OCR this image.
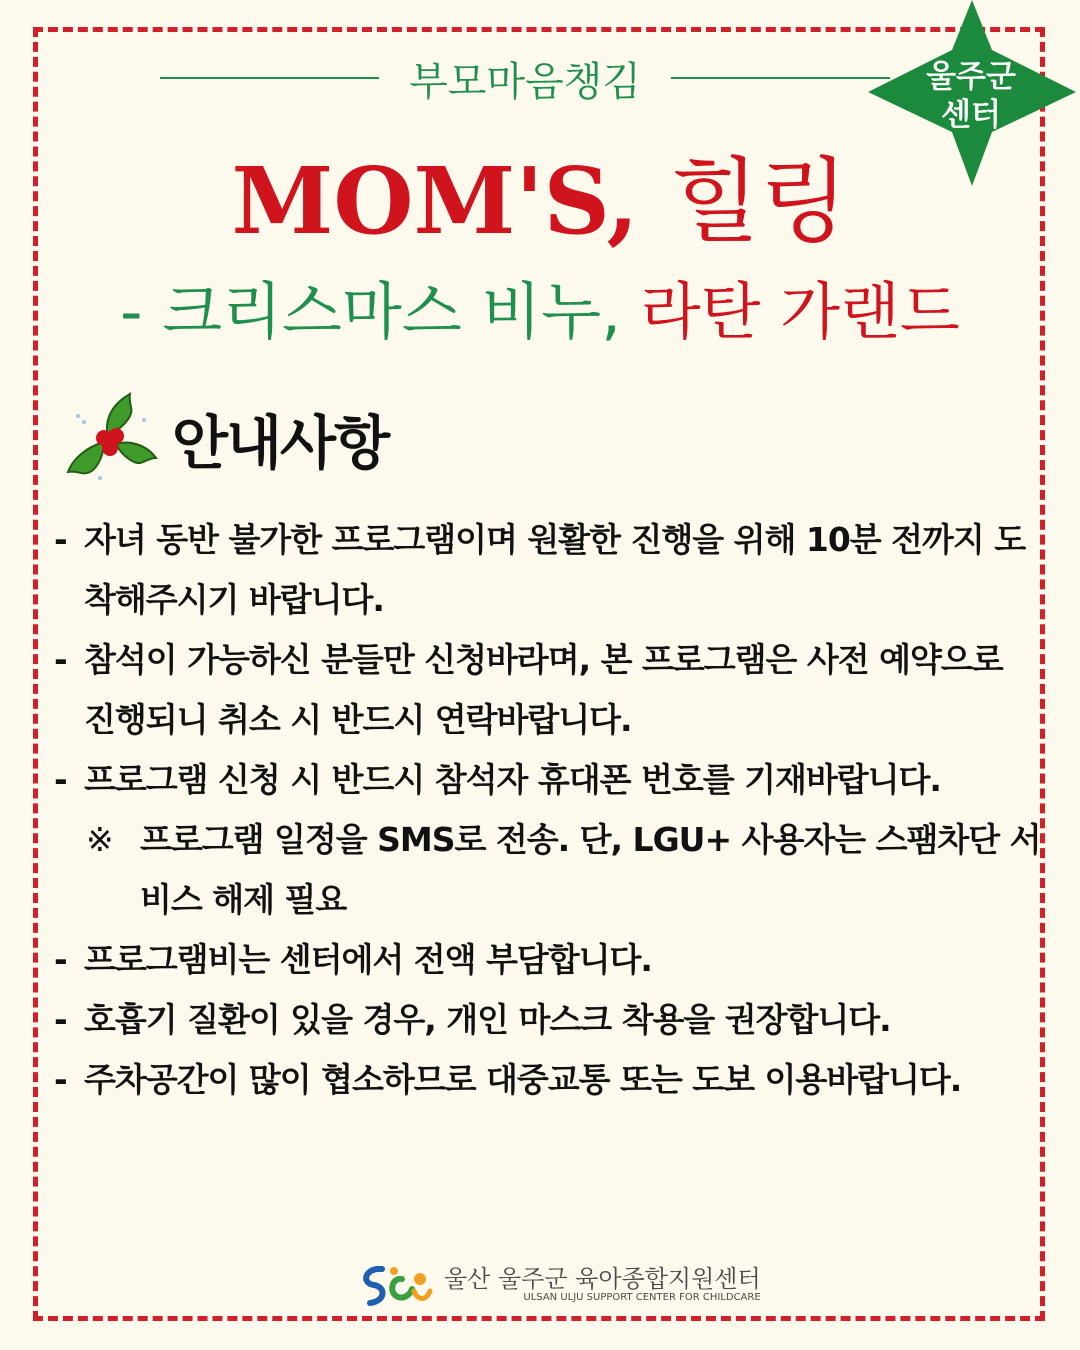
부모마음챙김	울주군
센터
MOM'S, 힐링
- 크리스마스 비누, 라탄 가랜드
안내사항
- 자녀 동반 불가한 프로그램이며 원활한 진행을 위해 10분 전까지 도착해주시기 바랍니다.
- 참석이 가능하신 분들만 신청바라며, 본 프로그램은 사전 예약으로 진행되니 취소 시 반드시 연락바랍니다.
- 프로그램 신청 시 반드시 참석자 휴대폰 번호를 기재바랍니다.
※ 프로그램 일정을 SMS로 전송. 단, LGU+ 사용자는 스팸차단 서비스 해제 필요
- 프로그램비는 센터에서 전액 부담합니다.
- 호흡기 질환이 있을 경우, 개인 마스크 착용을 권장합니다.
- 주차공간이 많이 협소하므로 대중교통 또는 도보 이용바랍니다.
울산 울주군 육아종합지원센터
ULSAN ULJU SUPPORT CENTER FOR CHILDCARE
